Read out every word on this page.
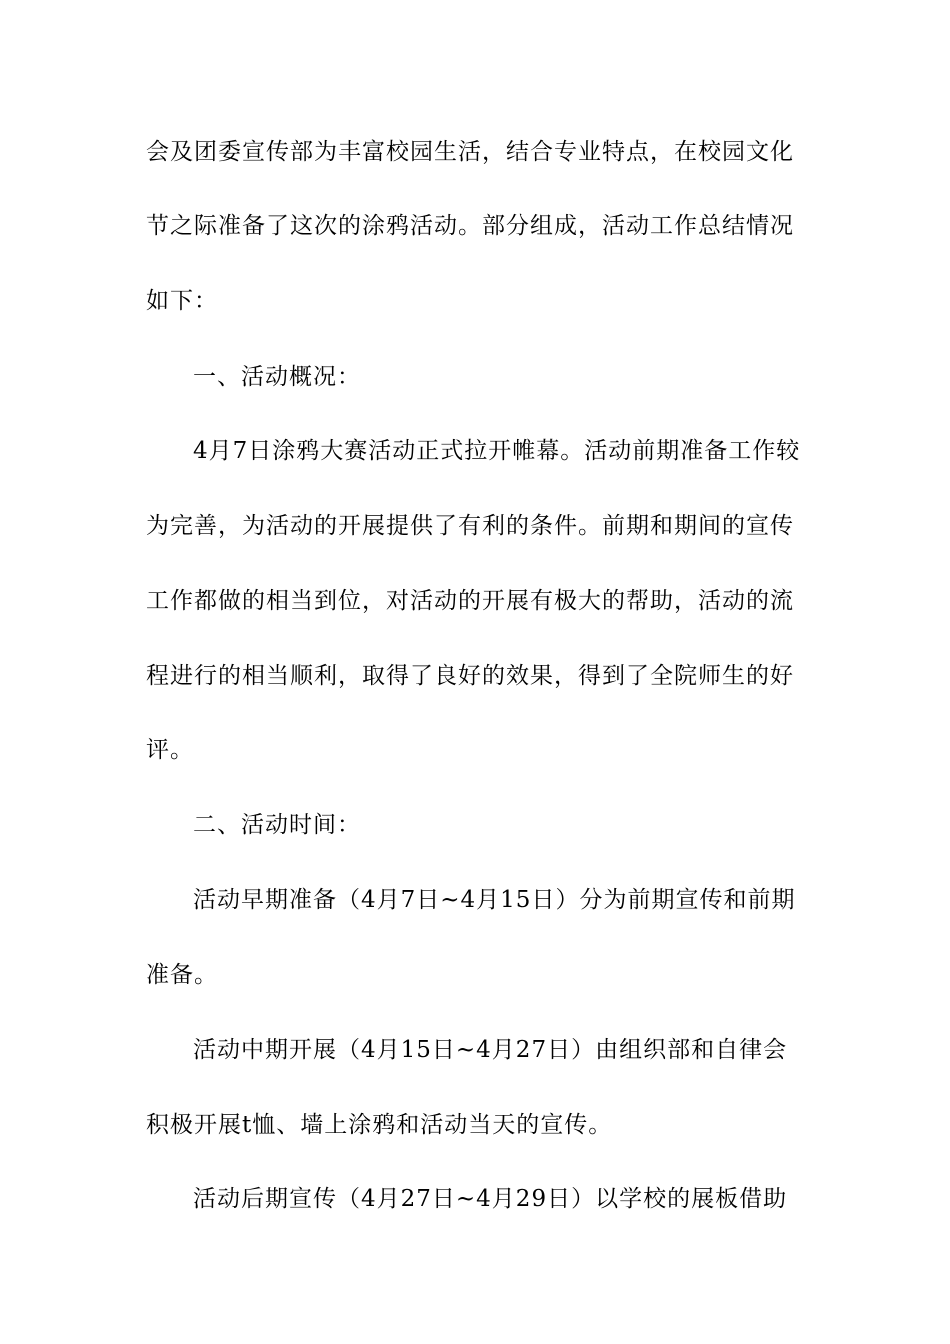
会及团委宣传部为丰富校园生活，结合专业特点，在校园文化

节之际准备了这次的涂鸦活动。部分组成，活动工作总结情况

如下：

一、活动概况：

4月7日涂鸦大赛活动正式拉开帷幕。活动前期准备工作较

为完善，为活动的开展提供了有利的条件。前期和期间的宣传

工作都做的相当到位，对活动的开展有极大的帮助，活动的流

程进行的相当顺利，取得了良好的效果，得到了全院师生的好

评。

二、活动时间：

活动早期准备（4月7日~4月15日）分为前期宣传和前期

准备。

活动中期开展（4月15日~4月27日）由组织部和自律会

积极开展t恤、墙上涂鸦和活动当天的宣传。

活动后期宣传（4月27日~4月29日）以学校的展板借助
